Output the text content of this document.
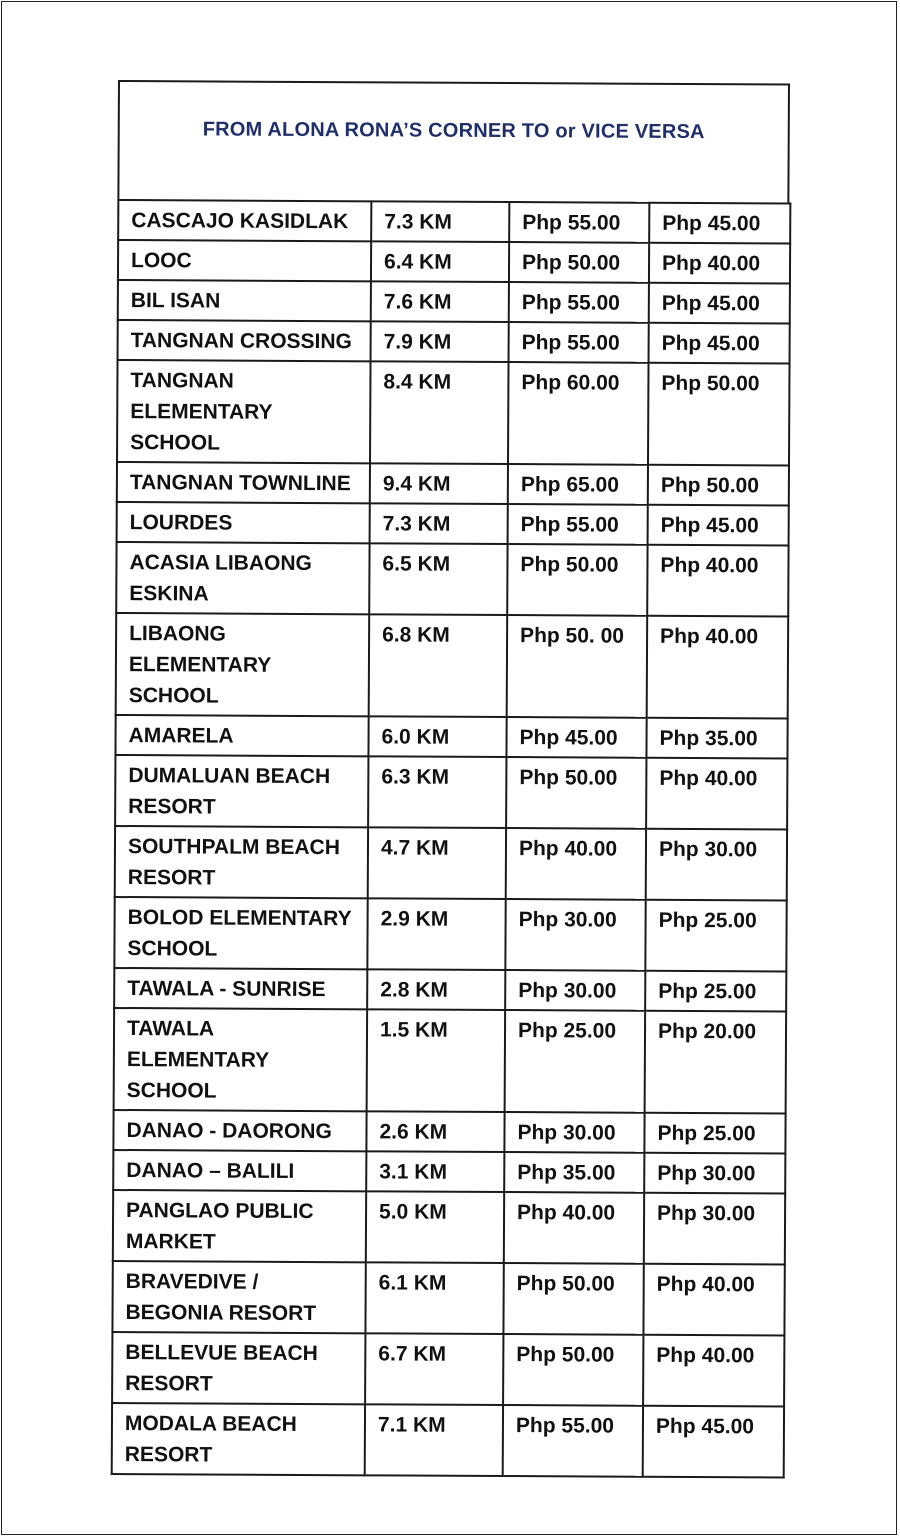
FROM ALONA RONA’S CORNER TO or VICE VERSA
CASCAJO KASIDLAK	7.3 KM	Php 55.00	Php 45.00

LOOC	6.4 KM	Php 50.00	Php 40.00

BIL ISAN	7.6 KM	Php 55.00	Php 45.00

TANGNAN CROSSING	7.9 KM	Php 55.00	Php 45.00

TANGNAN ELEMENTARY SCHOOL	8.4 KM	Php 60.00	Php 50.00

TANGNAN TOWNLINE	9.4 KM	Php 65.00	Php 50.00

LOURDES	7.3 KM	Php 55.00	Php 45.00

ACASIA LIBAONG ESKINA	6.5 KM	Php 50.00	Php 40.00

LIBAONG ELEMENTARY SCHOOL	6.8 KM	Php 50. 00	Php 40.00

AMARELA	6.0 KM	Php 45.00	Php 35.00

DUMALUAN BEACH RESORT	6.3 KM	Php 50.00	Php 40.00

SOUTHPALM BEACH RESORT	4.7 KM	Php 40.00	Php 30.00

BOLOD ELEMENTARY SCHOOL	2.9 KM	Php 30.00	Php 25.00

TAWALA - SUNRISE	2.8 KM	Php 30.00	Php 25.00

TAWALA ELEMENTARY SCHOOL	1.5 KM	Php 25.00	Php 20.00

DANAO - DAORONG	2.6 KM	Php 30.00	Php 25.00

DANAO – BALILI	3.1 KM	Php 35.00	Php 30.00

PANGLAO PUBLIC MARKET	5.0 KM	Php 40.00	Php 30.00

BRAVEDIVE / BEGONIA RESORT	6.1 KM	Php 50.00	Php 40.00

BELLEVUE BEACH RESORT	6.7 KM	Php 50.00	Php 40.00

MODALA BEACH RESORT	7.1 KM	Php 55.00	Php 45.00
